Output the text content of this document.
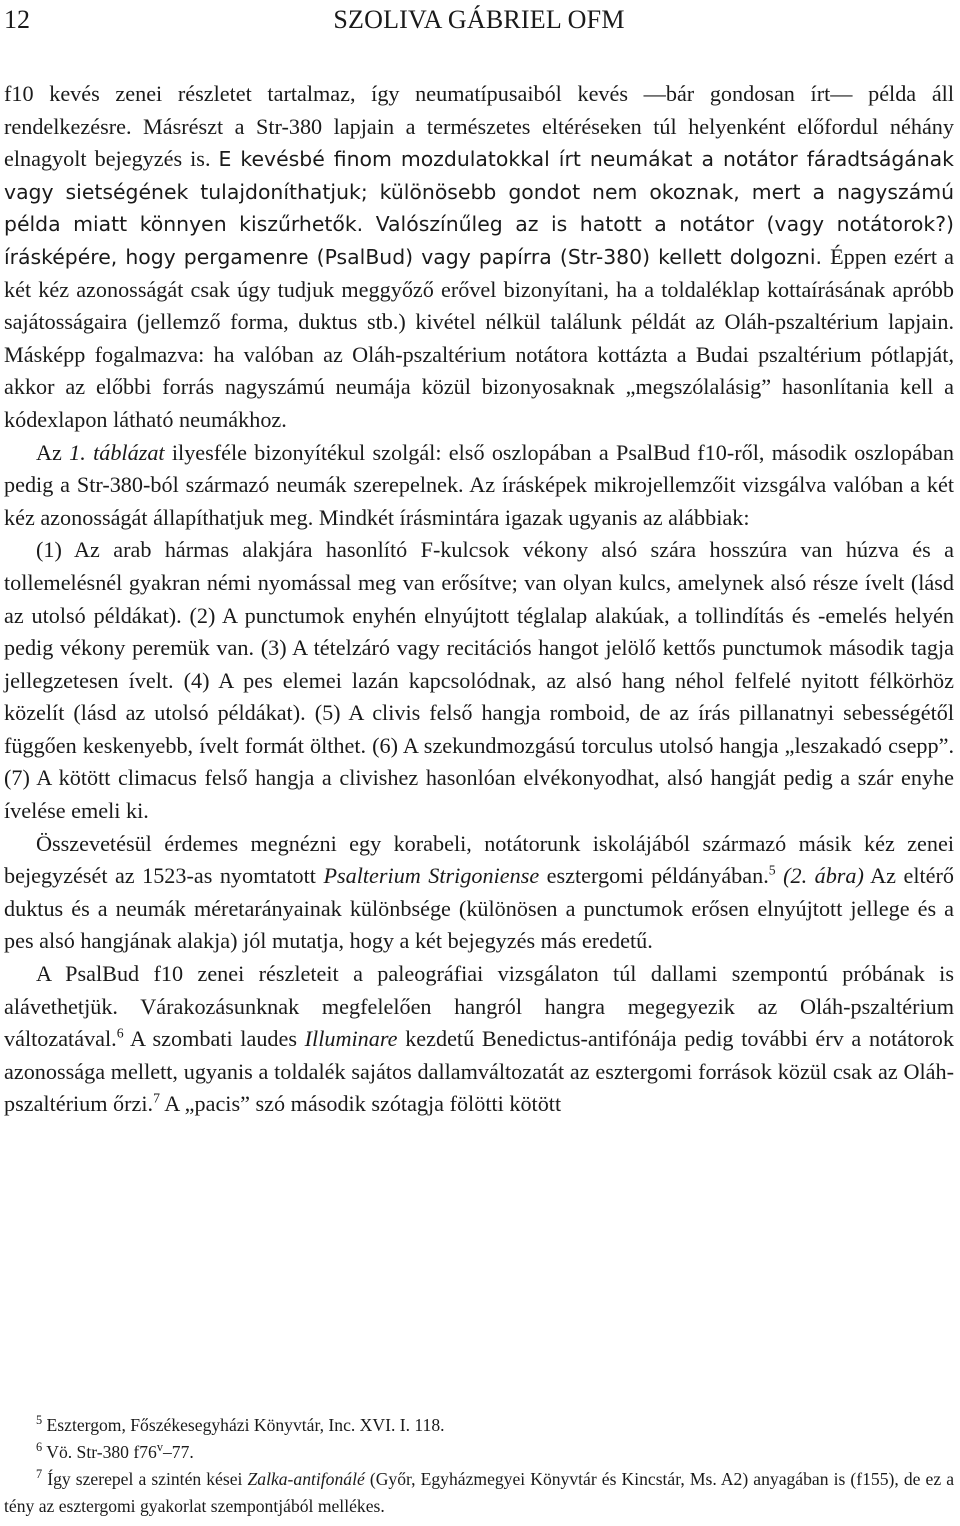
12	SZOLIVA GÁBRIEL OFM

f10 kevés zenei részletet tartalmaz, így neumatípusaiból kevés —bár gondosan írt— példa áll rendelkezésre. Másrészt a Str-380 lapjain a természetes eltéréseken túl helyenként előfordul néhány elnagyolt bejegyzés is. E kevésbé finom mozdulatokkal írt neumákat a notátor fáradtságának vagy sietségének tulajdoníthatjuk; különösebb gondot nem okoznak, mert a nagyszámú példa miatt könnyen kiszűrhetők. Valószínűleg az is hatott a notátor (vagy notátorok?) írásképére, hogy pergamenre (PsalBud) vagy papírra (Str-380) kellett dolgozni. Éppen ezért a két kéz azonosságát csak úgy tudjuk meggyőző erővel bizonyítani, ha a toldaléklap kottaírásának apróbb sajátosságaira (jellemző forma, duktus stb.) kivétel nélkül találunk példát az Oláh-pszaltérium lapjain. Másképp fogalmazva: ha valóban az Oláh-pszaltérium notátora kottázta a Budai pszaltérium pótlapját, akkor az előbbi forrás nagyszámú neumája közül bizonyosaknak „megszólalásig” hasonlítania kell a kódexlapon látható neumákhoz.

Az 1. táblázat ilyesféle bizonyítékul szolgál: első oszlopában a PsalBud f10-ről, második oszlopában pedig a Str-380-ból származó neumák szerepelnek. Az írásképek mikrojellemzőit vizsgálva valóban a két kéz azonosságát állapíthatjuk meg. Mindkét írásmintára igazak ugyanis az alábbiak:

(1) Az arab hármas alakjára hasonlító F-kulcsok vékony alsó szára hosszúra van húzva és a tollemelésnél gyakran némi nyomással meg van erősítve; van olyan kulcs, amelynek alsó része ívelt (lásd az utolsó példákat). (2) A punctumok enyhén elnyújtott téglalap alakúak, a tollindítás és -emelés helyén pedig vékony peremük van. (3) A tételzáró vagy recitációs hangot jelölő kettős punctumok második tagja jellegzetesen ívelt. (4) A pes elemei lazán kapcsolódnak, az alsó hang néhol felfelé nyitott félkörhöz közelít (lásd az utolsó példákat). (5) A clivis felső hangja romboid, de az írás pillanatnyi sebességétől függően keskenyebb, ívelt formát ölthet. (6) A szekundmozgású torculus utolsó hangja „leszakadó csepp”. (7) A kötött climacus felső hangja a clivishez hasonlóan elvékonyodhat, alsó hangját pedig a szár enyhe ívelése emeli ki.

Összevetésül érdemes megnézni egy korabeli, notátorunk iskolájából származó másik kéz zenei bejegyzését az 1523-as nyomtatott Psalterium Strigoniense esztergomi példányában.$^5$ (2. ábra) Az eltérő duktus és a neumák méretarányainak különbsége (különösen a punctumok erősen elnyújtott jellege és a pes alsó hangjának alakja) jól mutatja, hogy a két bejegyzés más eredetű.

A PsalBud f10 zenei részleteit a paleográfiai vizsgálaton túl dallami szempontú próbának is alávethetjük. Várakozásunknak megfelelően hangról hangra megegyezik az Oláh-pszaltérium változatával.$^6$ A szombati laudes Illuminare kezdetű Benedictus-antifónája pedig további érv a notátorok azonossága mellett, ugyanis a toldalék sajátos dallamváltozatát az esztergomi források közül csak az Oláh-pszaltérium őrzi.$^7$ A „pacis” szó második szótagja fölötti kötött

$^5$ Esztergom, Főszékesegyházi Könyvtár, Inc. XVI. I. 118.

$^6$ Vö. Str-380 f76$^v$–77.

$^7$ Így szerepel a szintén kései Zalka-antifonálé (Győr, Egyházmegyei Könyvtár és Kincstár, Ms. A2) anyagában is (f155), de ez a tény az esztergomi gyakorlat szempontjából mellékes.
